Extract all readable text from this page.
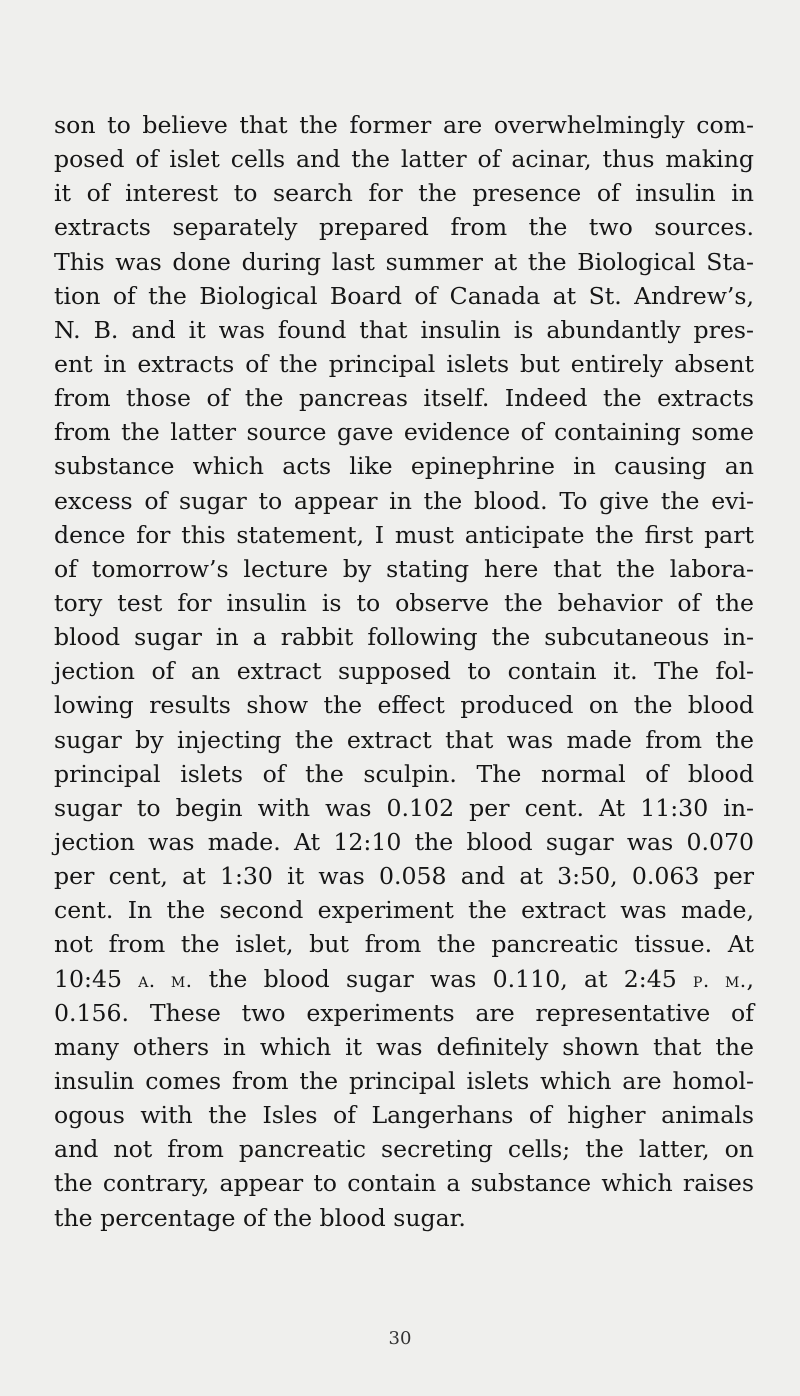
son to believe that the former are overwhelmingly com-
posed of islet cells and the latter of acinar, thus making
it of interest to search for the presence of insulin in
extracts separately prepared from the two sources.
This was done during last summer at the Biological Sta-
tion of the Biological Board of Canada at St. Andrew’s,
N. B. and it was found that insulin is abundantly pres-
ent in extracts of the principal islets but entirely absent
from those of the pancreas itself. Indeed the extracts
from the latter source gave evidence of containing some
substance which acts like epinephrine in causing an
excess of sugar to appear in the blood. To give the evi-
dence for this statement, I must anticipate the first part
of tomorrow’s lecture by stating here that the labora-
tory test for insulin is to observe the behavior of the
blood sugar in a rabbit following the subcutaneous in-
jection of an extract supposed to contain it. The fol-
lowing results show the effect produced on the blood
sugar by injecting the extract that was made from the
principal islets of the sculpin. The normal of blood
sugar to begin with was 0.102 per cent. At 11:30 in-
jection was made. At 12:10 the blood sugar was 0.070
per cent, at 1:30 it was 0.058 and at 3:50, 0.063 per
cent. In the second experiment the extract was made,
not from the islet, but from the pancreatic tissue. At
10:45 a. m. the blood sugar was 0.110, at 2:45 p. m.,
0.156. These two experiments are representative of
many others in which it was definitely shown that the
insulin comes from the principal islets which are homol-
ogous with the Isles of Langerhans of higher animals
and not from pancreatic secreting cells; the latter, on
the contrary, appear to contain a substance which raises
the percentage of the blood sugar.
30
